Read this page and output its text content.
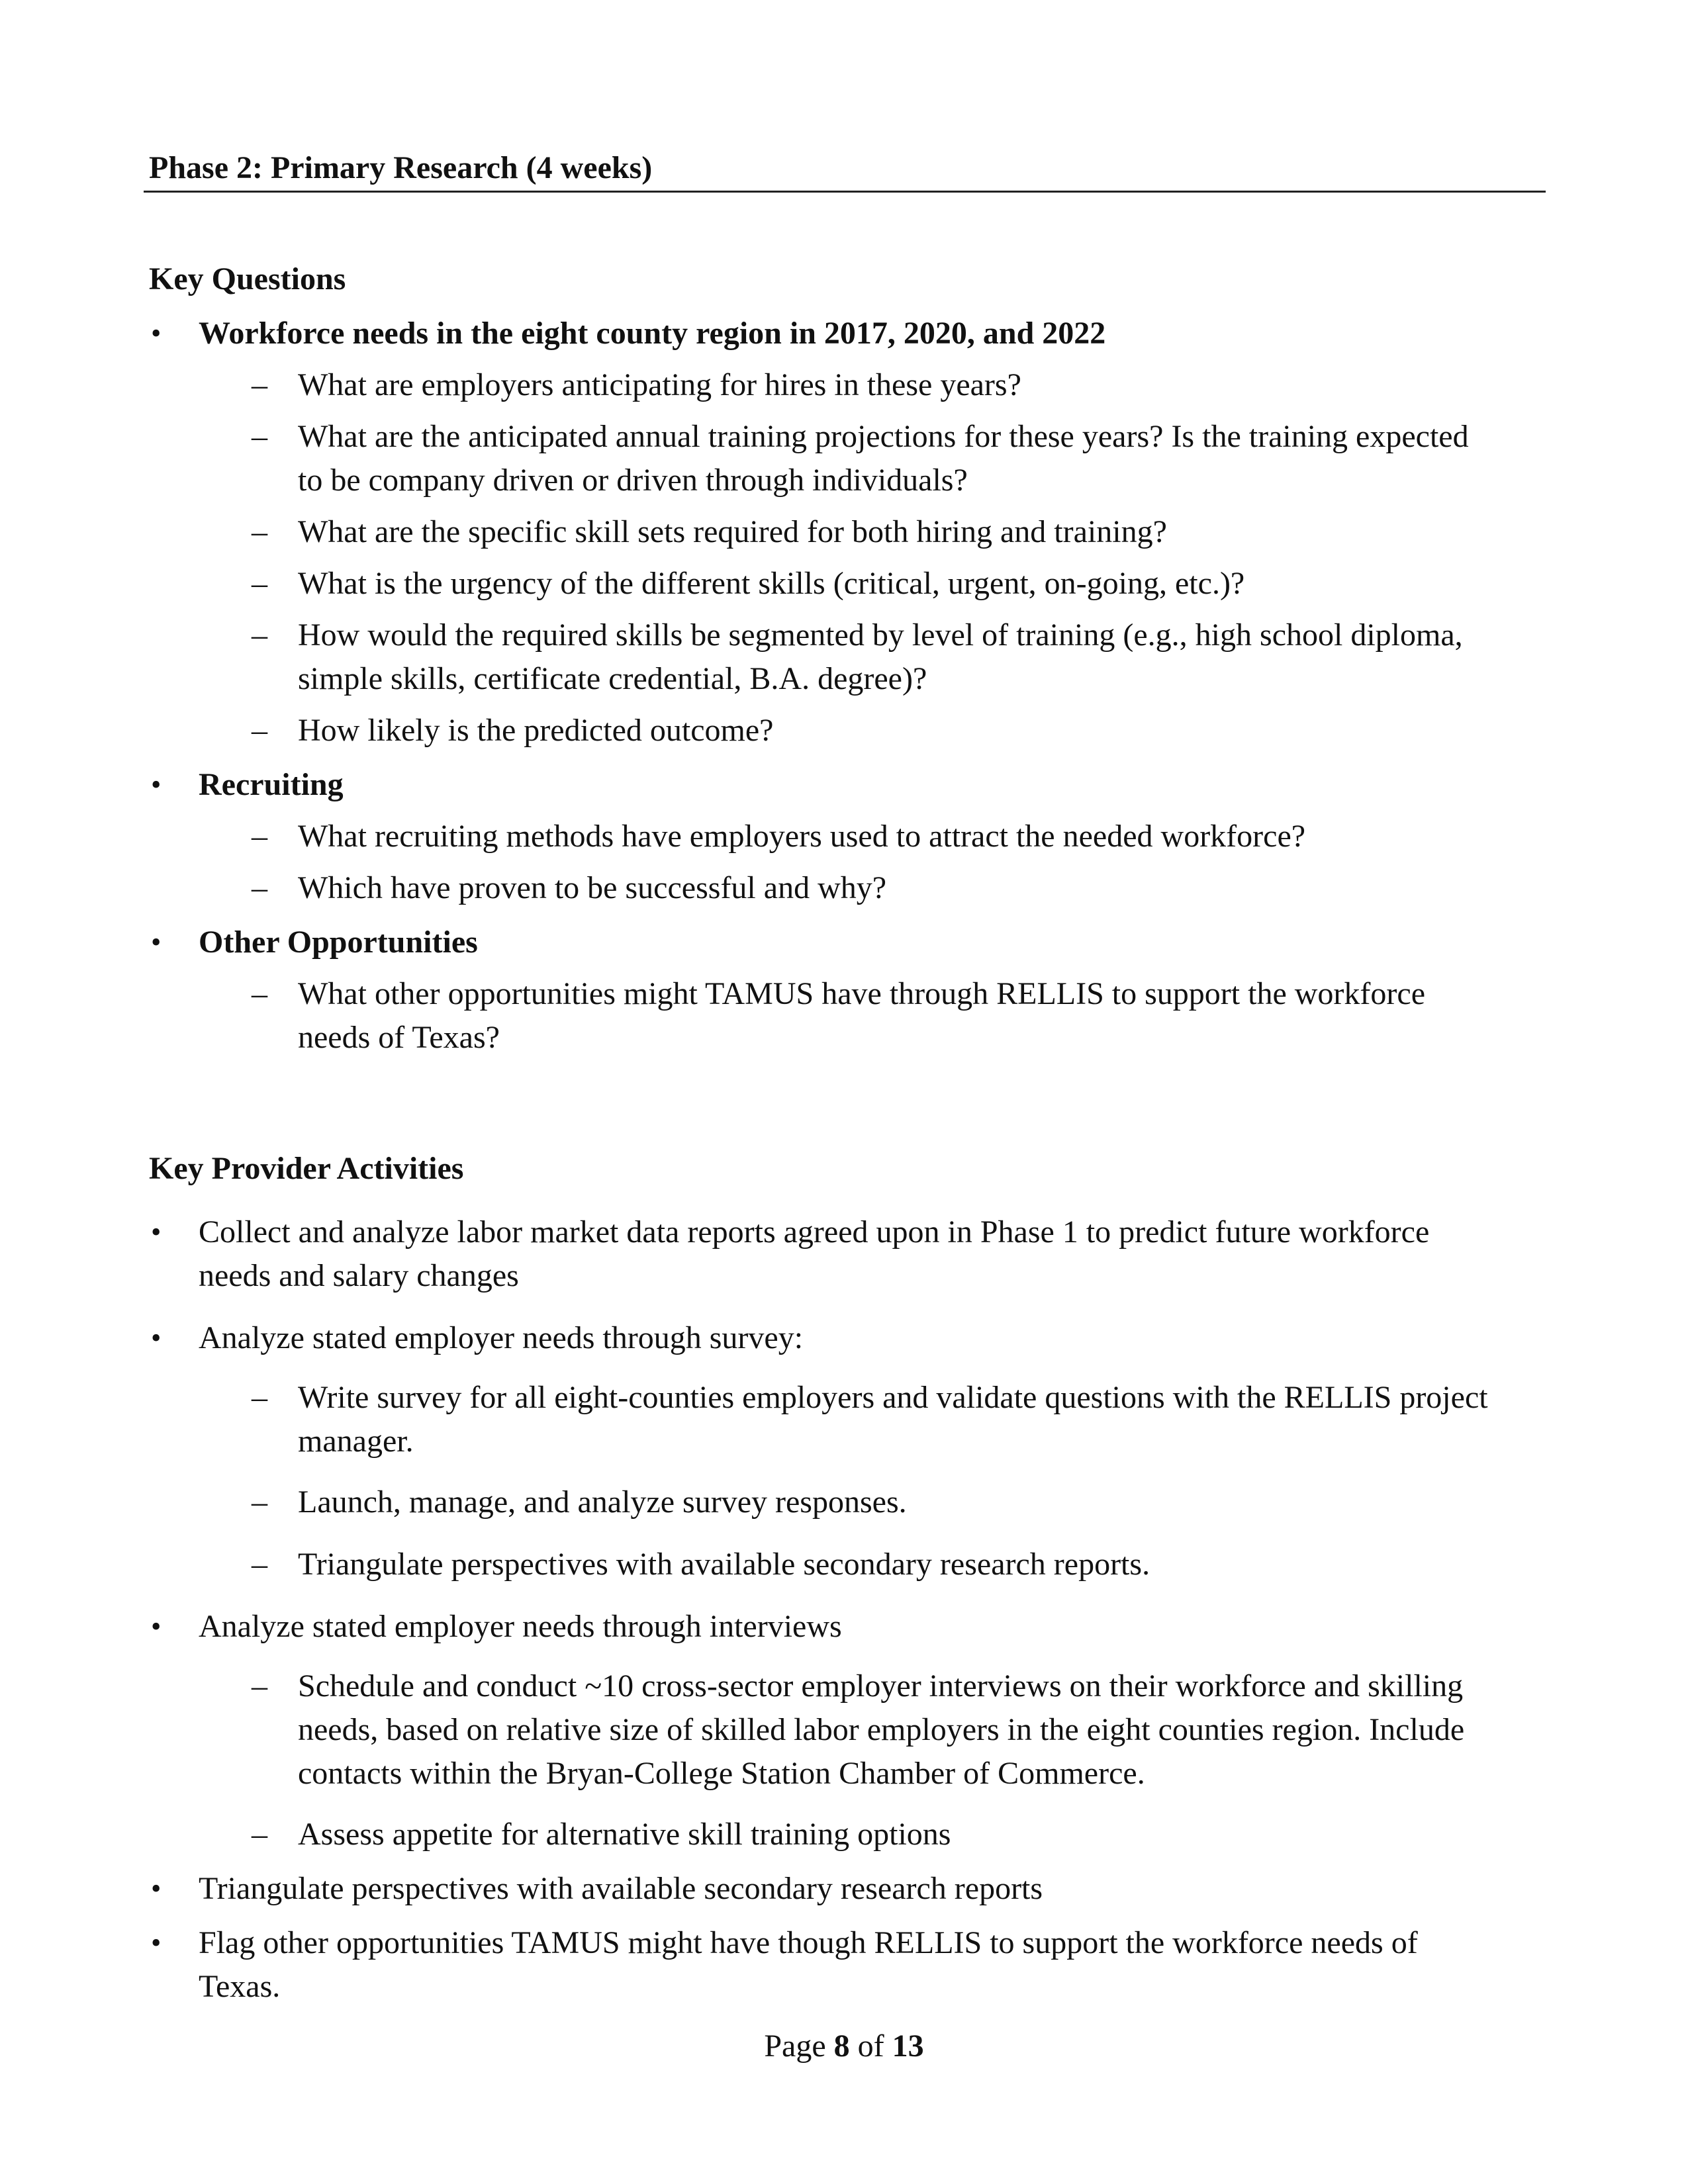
Phase 2: Primary Research (4 weeks)
Key Questions
•	Workforce needs in the eight county region in 2017, 2020, and 2022
– What are employers anticipating for hires in these years?
– What are the anticipated annual training projections for these years? Is the training expected
to be company driven or driven through individuals?
– What are the specific skill sets required for both hiring and training?
– What is the urgency of the different skills (critical, urgent, on-going, etc.)?
– How would the required skills be segmented by level of training (e.g., high school diploma,
simple skills, certificate credential, B.A. degree)?
– How likely is the predicted outcome?
•	Recruiting
– What recruiting methods have employers used to attract the needed workforce?
– Which have proven to be successful and why?
•	Other Opportunities
– What other opportunities might TAMUS have through RELLIS to support the workforce
needs of Texas?
Key Provider Activities
•	Collect and analyze labor market data reports agreed upon in Phase 1 to predict future workforce
needs and salary changes
•	Analyze stated employer needs through survey:
– Write survey for all eight-counties employers and validate questions with the RELLIS project
manager.
– Launch, manage, and analyze survey responses.
– Triangulate perspectives with available secondary research reports.
•	Analyze stated employer needs through interviews
– Schedule and conduct ~10 cross-sector employer interviews on their workforce and skilling
needs, based on relative size of skilled labor employers in the eight counties region. Include
contacts within the Bryan-College Station Chamber of Commerce.
– Assess appetite for alternative skill training options
•	Triangulate perspectives with available secondary research reports
•	Flag other opportunities TAMUS might have though RELLIS to support the workforce needs of
Texas.
Page 8 of 13
